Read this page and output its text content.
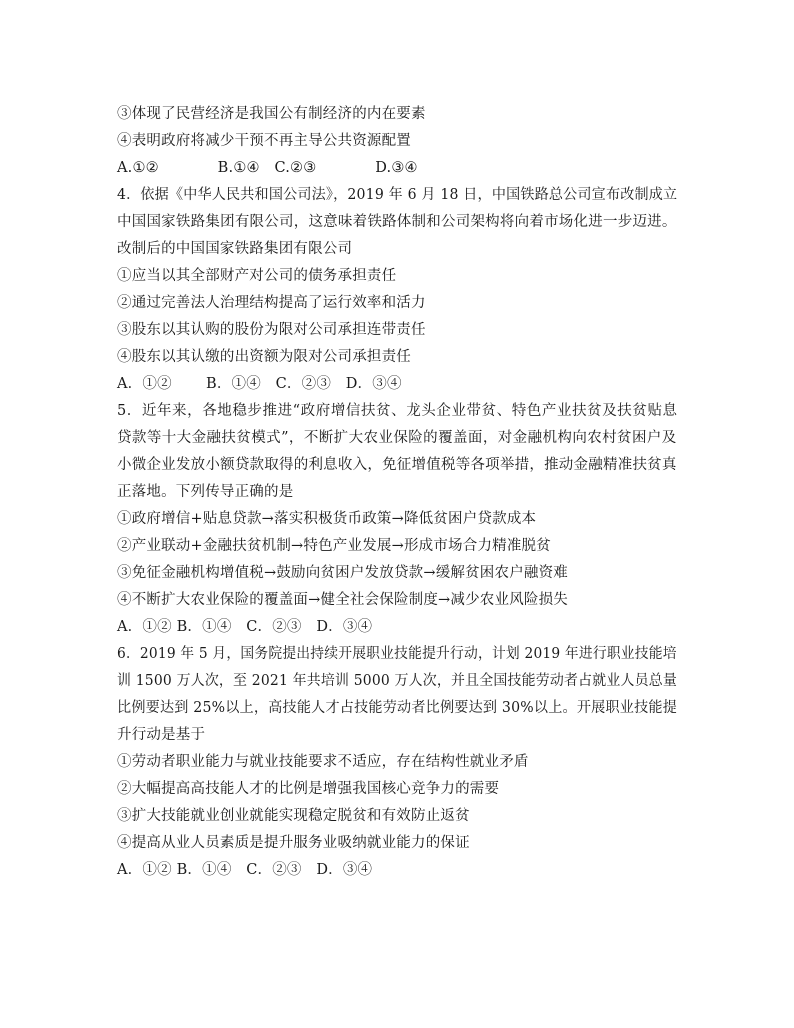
③体现了民营经济是我国公有制经济的内在要素
④表明政府将减少干预不再主导公共资源配置
A.①②　　　　B.①④　C.②③　　　　D.③④
4．依据《中华人民共和国公司法》，2019 年 6 月 18 日，中国铁路总公司宣布改制成立
中国国家铁路集团有限公司，这意味着铁路体制和公司架构将向着市场化进一步迈进。
改制后的中国国家铁路集团有限公司
①应当以其全部财产对公司的债务承担责任
②通过完善法人治理结构提高了运行效率和活力
③股东以其认购的股份为限对公司承担连带责任
④股东以其认缴的出资额为限对公司承担责任
A．①②　　 B．①④　C．②③　D．③④
5．近年来，各地稳步推进“政府增信扶贫、龙头企业带贫、特色产业扶贫及扶贫贴息
贷款等十大金融扶贫模式”，不断扩大农业保险的覆盖面，对金融机构向农村贫困户及
小微企业发放小额贷款取得的利息收入，免征增值税等各项举措，推动金融精准扶贫真
正落地。下列传导正确的是
①政府增信+贴息贷款→落实积极货币政策→降低贫困户贷款成本
②产业联动+金融扶贫机制→特色产业发展→形成市场合力精准脱贫
③免征金融机构增值税→鼓励向贫困户发放贷款→缓解贫困农户融资难
④不断扩大农业保险的覆盖面→健全社会保险制度→减少农业风险损失
A．①② B．①④　C．②③　D．③④
6．2019 年 5 月，国务院提出持续开展职业技能提升行动，计划 2019 年进行职业技能培
训 1500 万人次，至 2021 年共培训 5000 万人次，并且全国技能劳动者占就业人员总量
比例要达到 25%以上，高技能人才占技能劳动者比例要达到 30%以上。开展职业技能提
升行动是基于
①劳动者职业能力与就业技能要求不适应，存在结构性就业矛盾
②大幅提高高技能人才的比例是增强我国核心竞争力的需要
③扩大技能就业创业就能实现稳定脱贫和有效防止返贫
④提高从业人员素质是提升服务业吸纳就业能力的保证
A．①② B．①④　C．②③　D．③④
